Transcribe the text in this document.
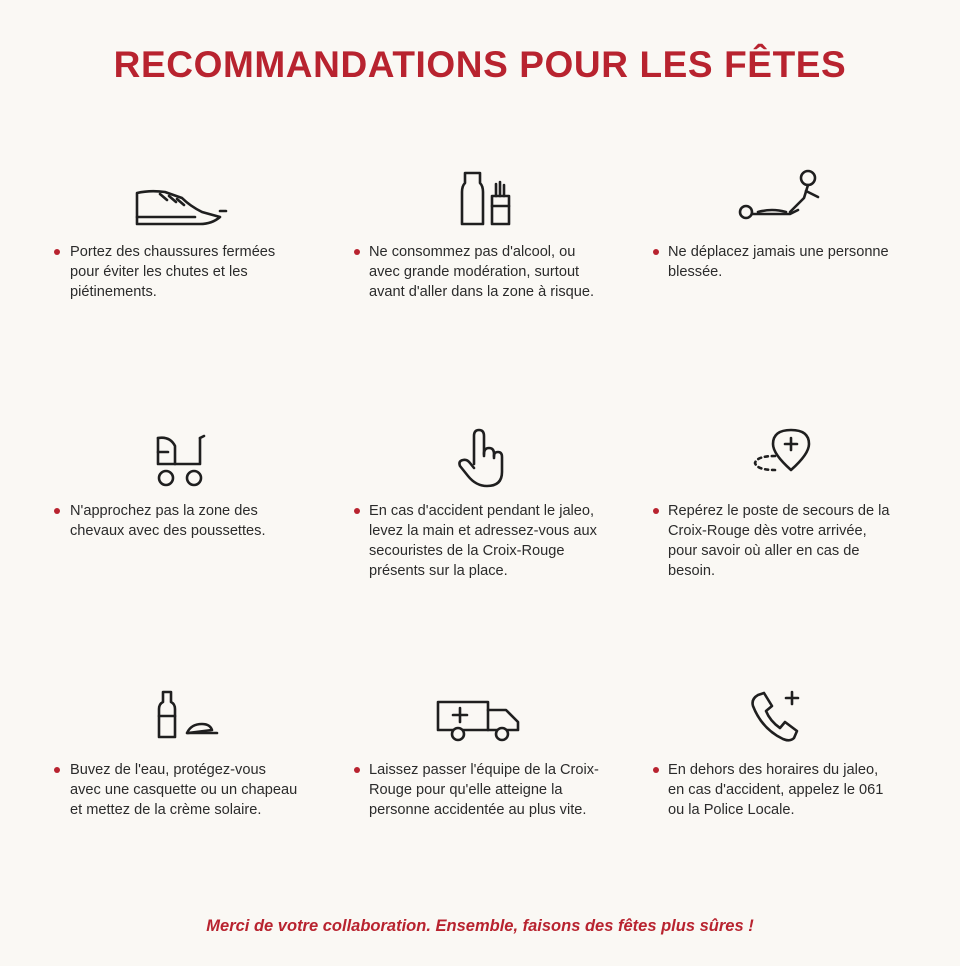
RECOMMANDATIONS POUR LES FÊTES
Portez des chaussures fermées pour éviter les chutes et les piétinements.
Ne consommez pas d'alcool, ou avec grande modération, surtout avant d'aller dans la zone à risque.
Ne déplacez jamais une personne blessée.
N'approchez pas la zone des chevaux avec des poussettes.
En cas d'accident pendant le jaleo, levez la main et adressez-vous aux secouristes de la Croix-Rouge présents sur la place.
Repérez le poste de secours de la Croix-Rouge dès votre arrivée, pour savoir où aller en cas de besoin.
Buvez de l'eau, protégez-vous avec une casquette ou un chapeau et mettez de la crème solaire.
Laissez passer l'équipe de la Croix-Rouge pour qu'elle atteigne la personne accidentée au plus vite.
En dehors des horaires du jaleo, en cas d'accident, appelez le 061 ou la Police Locale.
Merci de votre collaboration. Ensemble, faisons des fêtes plus sûres !
